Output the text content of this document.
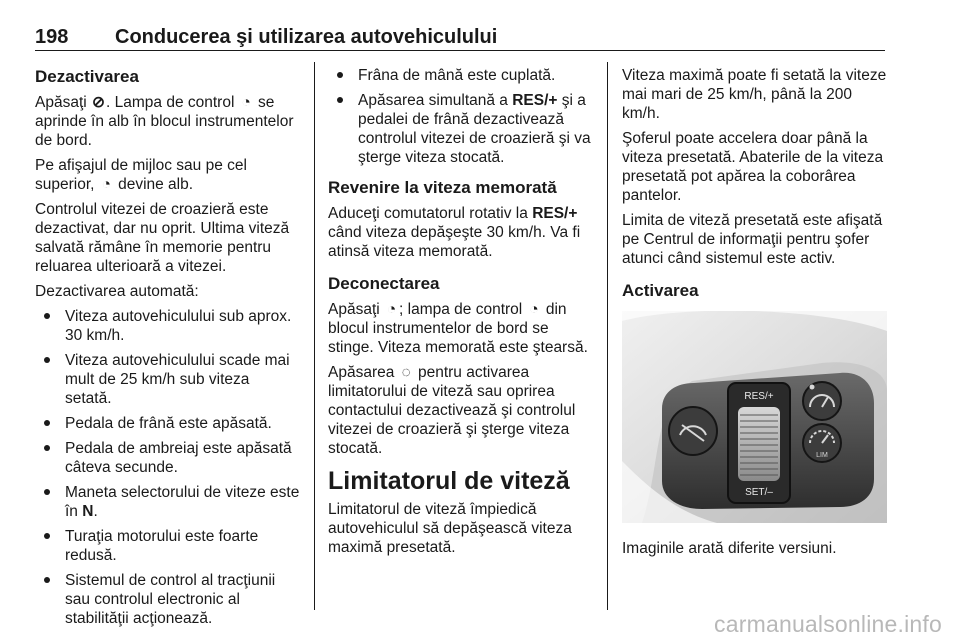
198 Conducerea şi utilizarea autovehiculului
Dezactivarea

Apăsaţi ⊘. Lampa de control ◔ se aprinde în alb în blocul instrumentelor de bord.

Pe afişajul de mijloc sau pe cel superior, ◔ devine alb.

Controlul vitezei de croazieră este dezactivat, dar nu oprit. Ultima viteză salvată rămâne în memorie pentru reluarea ulterioară a vitezei.

Dezactivarea automată:

Viteza autovehiculului sub aprox. 30 km/h.
Viteza autovehiculului scade mai mult de 25 km/h sub viteza setată.
Pedala de frână este apăsată.
Pedala de ambreiaj este apăsată câteva secunde.
Maneta selectorului de viteze este în N.
Turaţia motorului este foarte redusă.
Sistemul de control al tracţiunii sau controlul electronic al stabilităţii acţionează.
Frâna de mână este cuplată.
Apăsarea simultană a RES/+ şi a pedalei de frână dezactivează controlul vitezei de croazieră şi va şterge viteza stocată.
Revenire la viteza memorată

Aduceţi comutatorul rotativ la RES/+ când viteza depăşeşte 30 km/h. Va fi atinsă viteza memorată.

Deconectarea

Apăsaţi ◔ ; lampa de control ◔ din blocul instrumentelor de bord se stinge. Viteza memorată este ştearsă.

Apăsarea ◌ pentru activarea limitatorului de viteză sau oprirea contactului dezactivează şi controlul vitezei de croazieră şi şterge viteza stocată.

Limitatorul de viteză

Limitatorul de viteză împiedică autovehiculul să depăşească viteza maximă presetată.

Viteza maximă poate fi setată la viteze mai mari de 25 km/h, până la 200 km/h.

Şoferul poate accelera doar până la viteza presetată. Abaterile de la viteza presetată pot apărea la coborârea pantelor.

Limita de viteză presetată este afişată pe Centrul de informaţii pentru şofer atunci când sistemul este activ.

Activarea
RES/+
SET/–
LIM

Imaginile arată diferite versiuni.

carmanualsonline.info
